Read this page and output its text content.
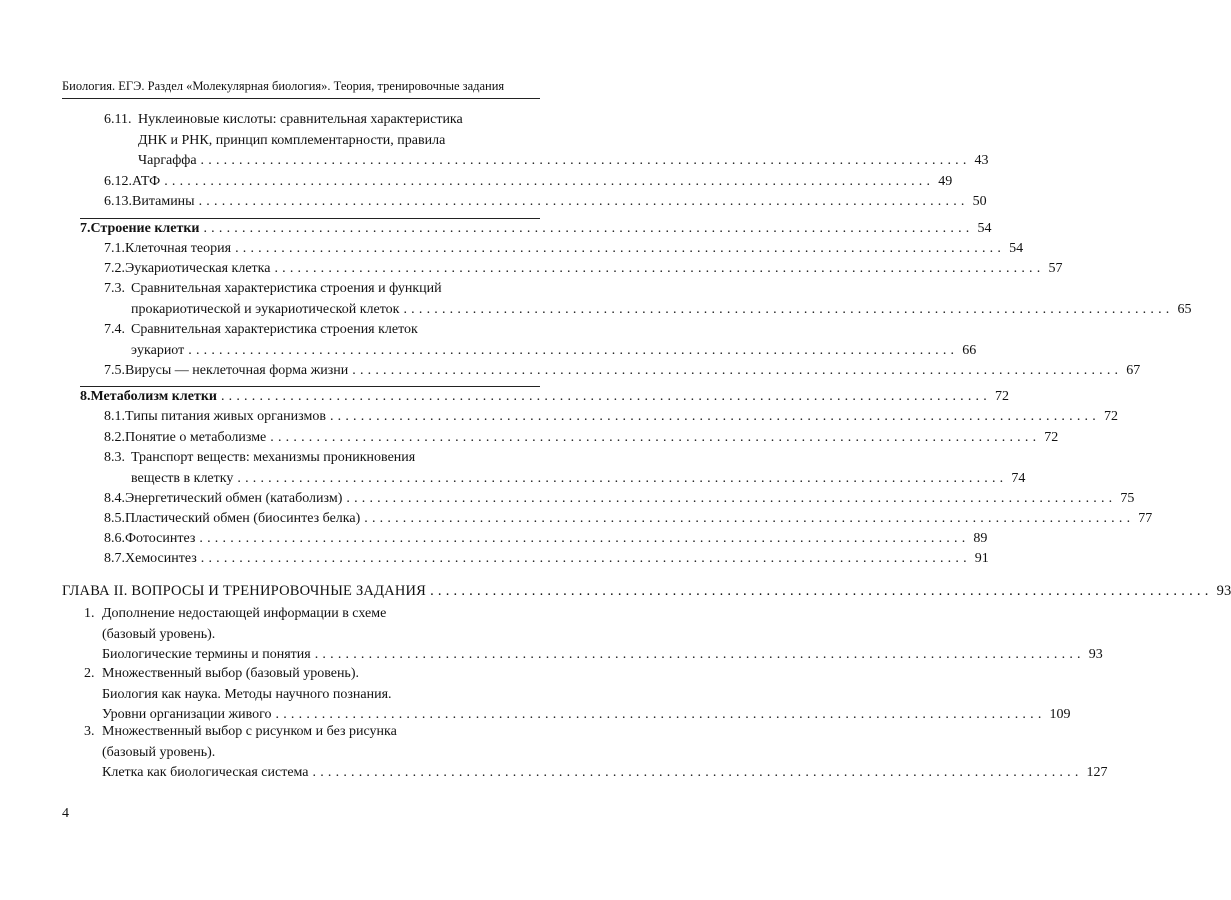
Биология. ЕГЭ. Раздел «Молекулярная биология». Теория, тренировочные задания
6.11. Нуклеиновые кислоты: сравнительная характеристика
ДНК и РНК, принцип комплементарности, правила
Чаргаффа .................................................................................................... 43
6.12. АТФ .................................................................................................... 49
6.13. Витамины .................................................................................................... 50
7. Строение клетки .................................................................................................... 54
7.1. Клеточная теория .................................................................................................... 54
7.2. Эукариотическая клетка .................................................................................................... 57
7.3. Сравнительная характеристика строения и функций
прокариотической и эукариотической клеток .................................................................................................... 65
7.4. Сравнительная характеристика строения клеток
эукариот .................................................................................................... 66
7.5. Вирусы — неклеточная форма жизни .................................................................................................... 67
8. Метаболизм клетки .................................................................................................... 72
8.1. Типы питания живых организмов .................................................................................................... 72
8.2. Понятие о метаболизме .................................................................................................... 72
8.3. Транспорт веществ: механизмы проникновения
веществ в клетку .................................................................................................... 74
8.4. Энергетический обмен (катаболизм) .................................................................................................... 75
8.5. Пластический обмен (биосинтез белка) .................................................................................................... 77
8.6. Фотосинтез .................................................................................................... 89
8.7. Хемосинтез .................................................................................................... 91
ГЛАВА II. ВОПРОСЫ И ТРЕНИРОВОЧНЫЕ ЗАДАНИЯ .................................................................................................... 93
1. Дополнение недостающей информации в схеме
(базовый уровень).
Биологические термины и понятия .................................................................................................... 93
2. Множественный выбор (базовый уровень).
Биология как наука. Методы научного познания.
Уровни организации живого .................................................................................................... 109
3. Множественный выбор с рисунком и без рисунка
(базовый уровень).
Клетка как биологическая система .................................................................................................... 127
4
